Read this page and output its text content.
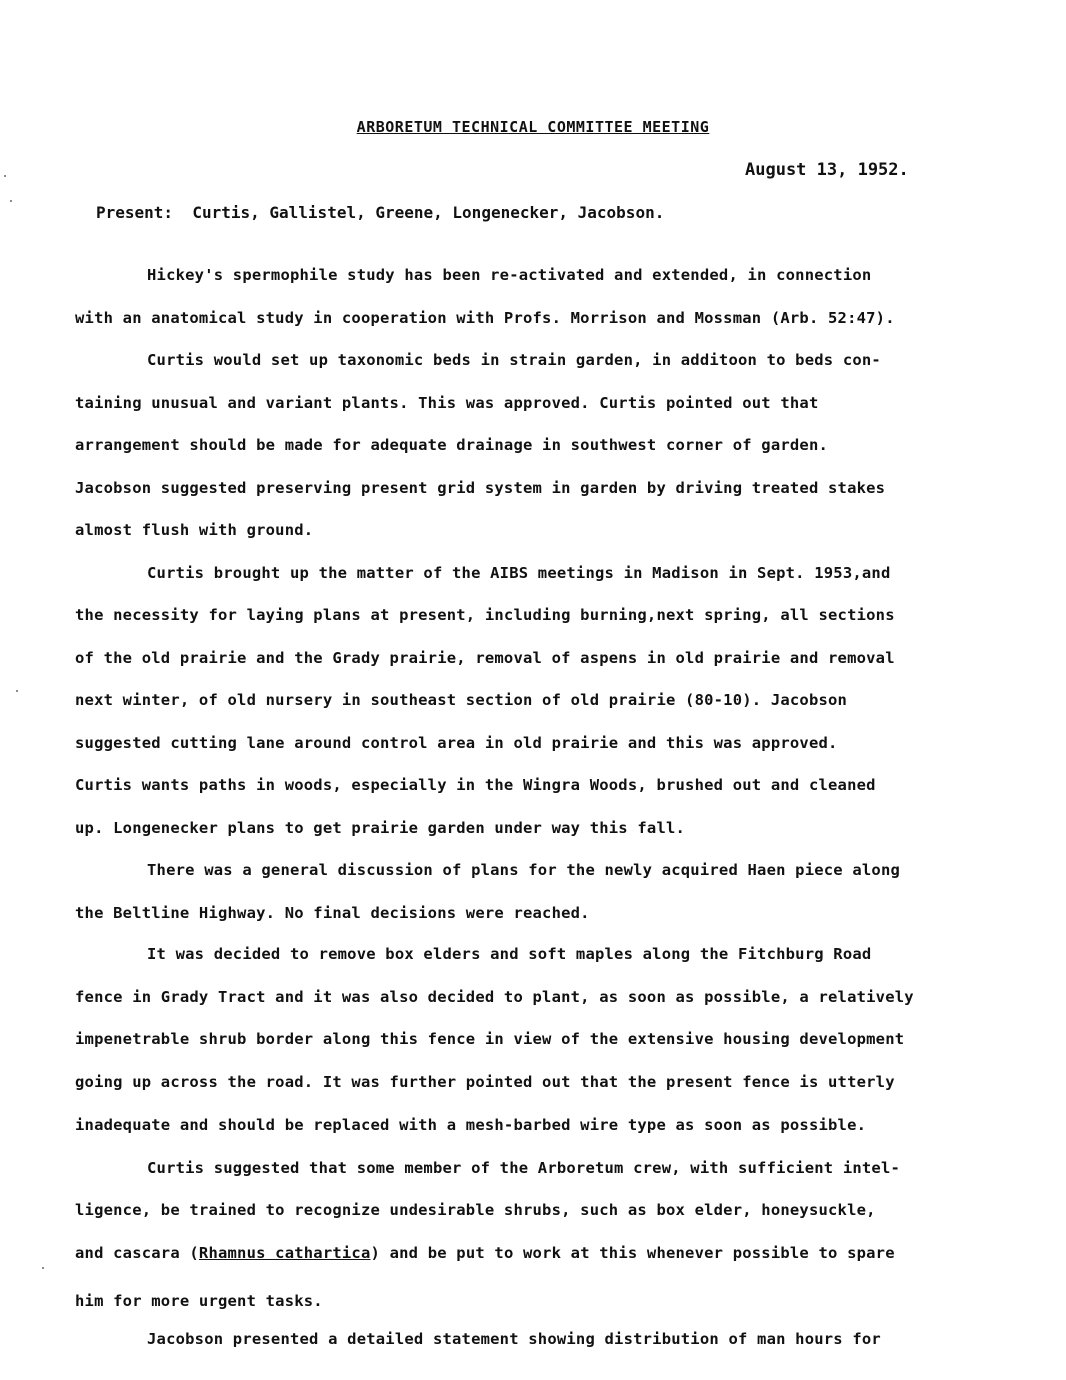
ARBORETUM TECHNICAL COMMITTEE MEETING
August 13, 1952.
Present: Curtis, Gallistel, Greene, Longenecker, Jacobson.
Hickey's spermophile study has been re-activated and extended, in connection
with an anatomical study in cooperation with Profs. Morrison and Mossman (Arb. 52:47).
Curtis would set up taxonomic beds in strain garden, in additoon to beds con-
taining unusual and variant plants. This was approved. Curtis pointed out that
arrangement should be made for adequate drainage in southwest corner of garden.
Jacobson suggested preserving present grid system in garden by driving treated stakes
almost flush with ground.
Curtis brought up the matter of the AIBS meetings in Madison in Sept. 1953,and
the necessity for laying plans at present, including burning,next spring, all sections
of the old prairie and the Grady prairie, removal of aspens in old prairie and removal
next winter, of old nursery in southeast section of old prairie (80-10). Jacobson
suggested cutting lane around control area in old prairie and this was approved.
Curtis wants paths in woods, especially in the Wingra Woods, brushed out and cleaned
up. Longenecker plans to get prairie garden under way this fall.
There was a general discussion of plans for the newly acquired Haen piece along
the Beltline Highway. No final decisions were reached.
It was decided to remove box elders and soft maples along the Fitchburg Road
fence in Grady Tract and it was also decided to plant, as soon as possible, a relatively
impenetrable shrub border along this fence in view of the extensive housing development
going up across the road. It was further pointed out that the present fence is utterly
inadequate and should be replaced with a mesh-barbed wire type as soon as possible.
Curtis suggested that some member of the Arboretum crew, with sufficient intel-
ligence, be trained to recognize undesirable shrubs, such as box elder, honeysuckle,
and cascara (Rhamnus cathartica) and be put to work at this whenever possible to spare
him for more urgent tasks.
Jacobson presented a detailed statement showing distribution of man hours for
